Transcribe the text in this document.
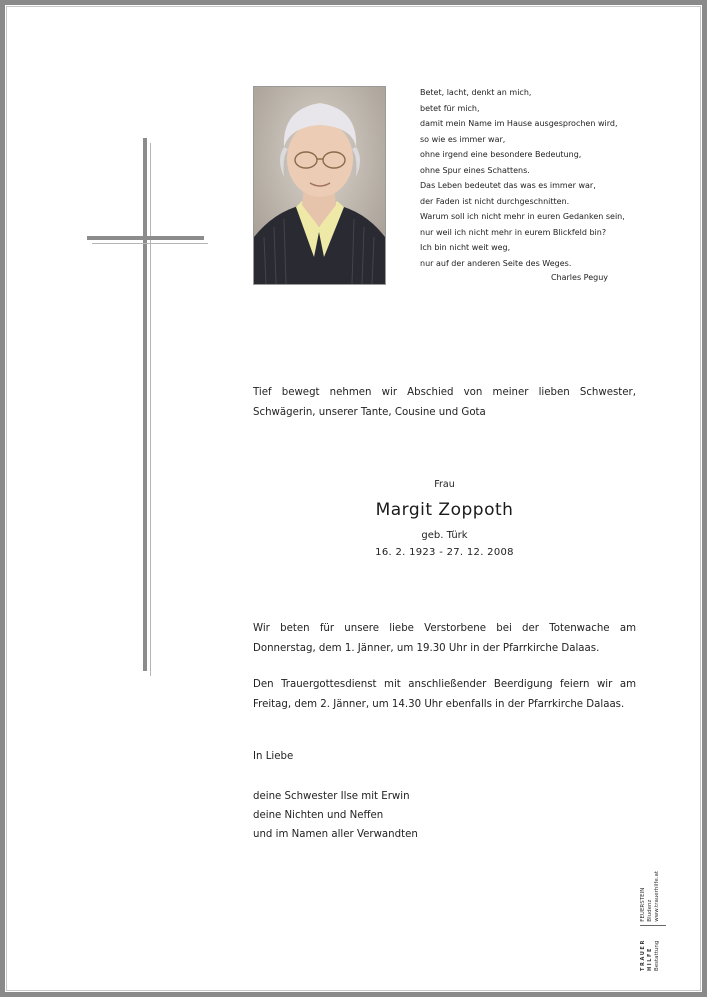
Betet, lacht, denkt an mich,
betet für mich,
damit mein Name im Hause ausgesprochen wird,
so wie es immer war,
ohne irgend eine besondere Bedeutung,
ohne Spur eines Schattens.
Das Leben bedeutet das was es immer war,
der Faden ist nicht durchgeschnitten.
Warum soll ich nicht mehr in euren Gedanken sein,
nur weil ich nicht mehr in eurem Blickfeld bin?
Ich bin nicht weit weg,
nur auf der anderen Seite des Weges.
Charles Peguy
Tief bewegt nehmen wir Abschied von meiner lieben Schwester, Schwägerin, unserer Tante, Cousine und Gota
Frau
Margit Zoppoth
geb. Türk
16. 2. 1923 - 27. 12. 2008
Wir beten für unsere liebe Verstorbene bei der Totenwache am Donnerstag, dem 1. Jänner, um 19.30 Uhr in der Pfarrkirche Dalaas.
Den Trauergottesdienst mit anschließender Beerdigung feiern wir am Freitag, dem 2. Jänner, um 14.30 Uhr ebenfalls in der Pfarrkirche Dalaas.
In Liebe
deine Schwester Ilse mit Erwin
deine Nichten und Neffen
und im Namen aller Verwandten
TRAUER HILFE Bestattung
FEUERSTEIN Bludenz www.trauerhilfe.at
